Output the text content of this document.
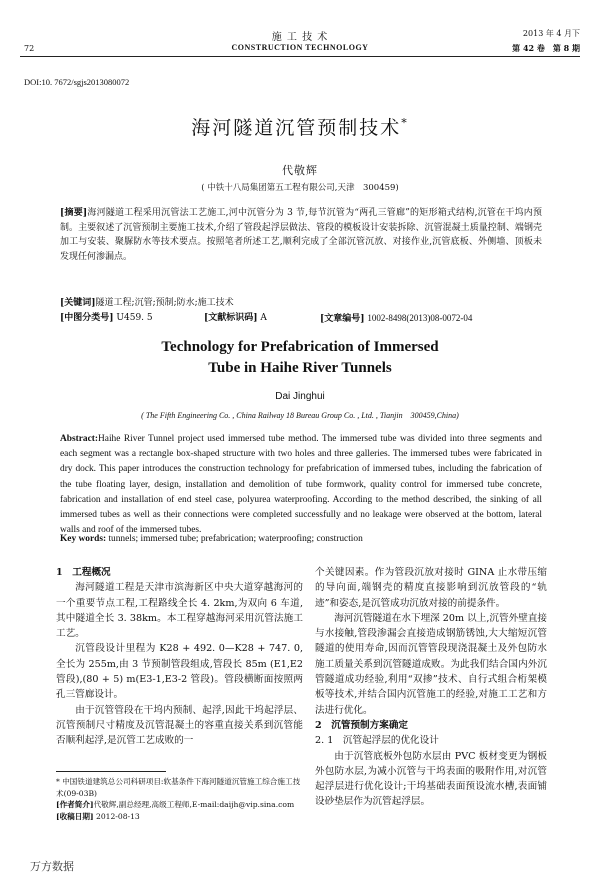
72
施 工 技 术
CONSTRUCTION TECHNOLOGY
2013 年 4 月下
第 42 卷　第 8 期
DOI:10. 7672/sgjs2013080072
海河隧道沉管预制技术*
代敬辉
( 中铁十八局集团第五工程有限公司,天津　300459)
[摘要]海河隧道工程采用沉管法工艺施工,河中沉管分为 3 节,每节沉管为“两孔三管廊”的矩形箱式结构,沉管在干坞内预制。主要叙述了沉管预制主要施工技术,介绍了管段起浮层做法、管段的模板设计安装拆除、沉管混凝土质量控制、端钢壳加工与安装、聚脲防水等技术要点。按照笔者所述工艺,顺利完成了全部沉管沉放、对接作业,沉管底板、外侧墙、顶板未发现任何渗漏点。
[关键词]隧道工程;沉管;预制;防水;施工技术
[中图分类号] U459. 5	[文献标识码] A	[文章编号] 1002-8498(2013)08-0072-04
Technology for Prefabrication of Immersed
Tube in Haihe River Tunnels
Dai Jinghui
( The Fifth Engineering Co. , China Railway 18 Bureau Group Co. , Ltd. , Tianjin　300459,China)
Abstract:Haihe River Tunnel project used immersed tube method. The immersed tube was divided into three segments and each segment was a rectangle box-shaped structure with two holes and three galleries. The immersed tubes were fabricated in dry dock. This paper introduces the construction technology for prefabrication of immersed tubes, including the fabrication of the tube floating layer, design, installation and demolition of tube formwork, quality control for immersed tube concrete, fabrication and installation of end steel case, polyurea waterproofing. According to the method described, the sinking of all immersed tubes as well as their connections were completed successfully and no leakage were observed at the bottom, lateral walls and roof of the immersed tubes.
Key words: tunnels; immersed tube; prefabrication; waterproofing; construction

1　工程概况

海河隧道工程是天津市滨海新区中央大道穿越海河的一个重要节点工程,工程路线全长 4. 2km,为双向 6 车道,其中隧道全长 3. 38km。本工程穿越海河采用沉管法施工工艺。

沉管段设计里程为 K28 + 492. 0—K28 + 747. 0,全长为 255m,由 3 节预制管段组成,管段长 85m (E1,E2 管段),(80 + 5) m(E3-1,E3-2 管段)。管段横断面按照两孔三管廊设计。

由于沉管管段在干坞内预制、起浮,因此干坞起浮层、沉管预制尺寸精度及沉管混凝土的容重直接关系到沉管能否顺利起浮,是沉管工艺成败的一

* 中国铁道建筑总公司科研项目:软基条件下海河隧道沉管施工综合施工技术(09-03B)
[作者简介]代敬辉,副总经理,高级工程师,E-mail:daijh@vip.sina.com
[收稿日期] 2012-08-13

个关键因素。作为管段沉放对接时 GINA 止水带压缩的导向面,端钢壳的精度直接影响到沉放管段的“轨迹”和姿态,是沉管成功沉放对接的前提条件。

海河沉管隧道在水下埋深 20m 以上,沉管外壁直接与水接触,管段渗漏会直接造成钢筋锈蚀,大大缩短沉管隧道的使用寿命,因而沉管管段现浇混凝土及外包防水施工质量关系到沉管隧道成败。为此我们结合国内外沉管隧道成功经验,利用“双掺”技术、自行式组合桁架模板等技术,并结合国内沉管施工的经验,对施工工艺和方法进行优化。

2　沉管预制方案确定

2. 1　沉管起浮层的优化设计

由于沉管底板外包防水层由 PVC 板材变更为钢板外包防水层,为减小沉管与干坞表面的吸附作用,对沉管起浮层进行优化设计;干坞基础表面预设流水槽,表面铺设砂垫层作为沉管起浮层。

万方数据
